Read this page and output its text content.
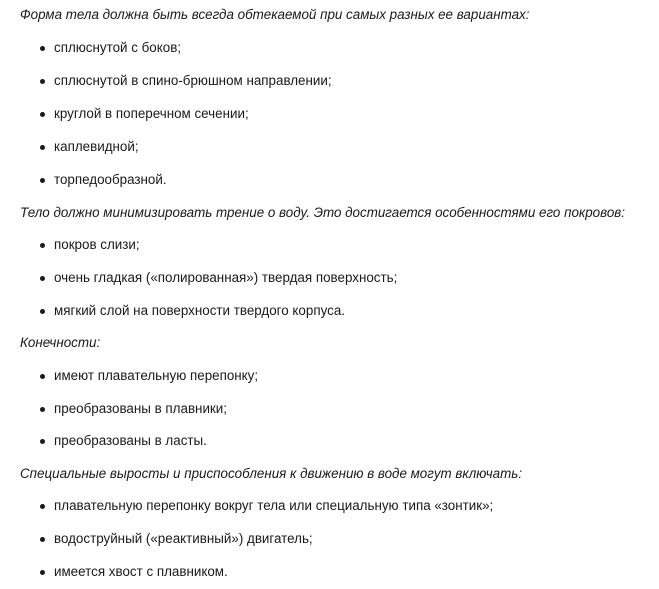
Форма тела должна быть всегда обтекаемой при самых разных ее вариантах:
сплюснутой с боков;
сплюснутой в спино-брюшном направлении;
круглой в поперечном сечении;
каплевидной;
торпедообразной.
Тело должно минимизировать трение о воду. Это достигается особенностями его покровов:
покров слизи;
очень гладкая («полированная») твердая поверхность;
мягкий слой на поверхности твердого корпуса.
Конечности:
имеют плавательную перепонку;
преобразованы в плавники;
преобразованы в ласты.
Специальные выросты и приспособления к движению в воде могут включать:
плавательную перепонку вокруг тела или специальную типа «зонтик»;
водоструйный («реактивный») двигатель;
имеется хвост с плавником.
